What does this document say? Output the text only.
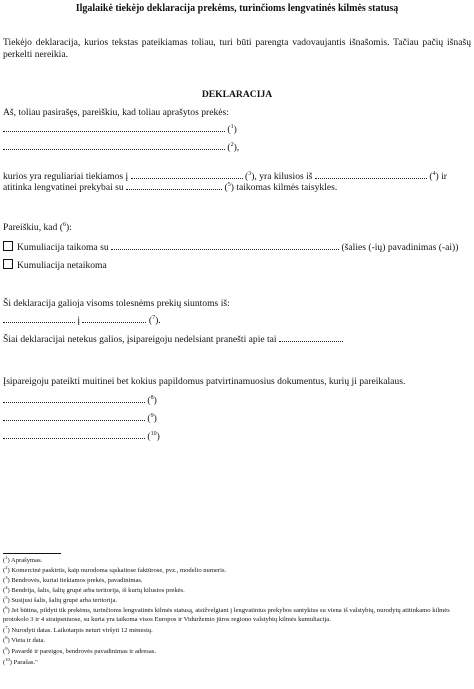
Ilgalaikė tiekėjo deklaracija prekėms, turinčioms lengvatinės kilmės statusą
Tiekėjo deklaracija, kurios tekstas pateikiamas toliau, turi būti parengta vadovaujantis išnašomis. Tačiau pačių išnašų perkelti nereikia.
DEKLARACIJA
Aš, toliau pasirašęs, pareiškiu, kad toliau aprašytos prekės:
($^1$)
($^2$),
kurios yra reguliariai tiekiamos į	($^3$), yra kilusios iš	($^4$) ir
atitinka lengvatinei prekybai su	($^5$) taikomas kilmės taisykles.
Pareiškiu, kad ($^6$):
Kumuliacija taikoma su	(šalies (-ių) pavadinimas (-ai))
Kumuliacija netaikoma
Ši deklaracija galioja visoms tolesnėms prekių siuntoms iš:
į	($^7$).
Šiai deklaracijai netekus galios, įsipareigoju nedelsiant pranešti apie tai
Įsipareigoju pateikti muitinei bet kokius papildomus patvirtinamuosius dokumentus, kurių ji pareikalaus.
($^8$)
($^9$)
($^{10}$)
($^1$) Aprašymas.
($^2$) Komercinė paskirtis, kaip nurodoma sąskaitose faktūrose, pvz., modelio numeris.
($^3$) Bendrovės, kuriai tiekiamos prekės, pavadinimas.
($^4$) Bendrija, šalis, šalių grupė arba teritorija, iš kurių kilusios prekės.
($^5$) Susijusi šalis, šalių grupė arba teritorija.
($^6$) Jei būtina, pildyti tik prekėms, turinčioms lengvatinės kilmės statusą, atsižvelgiant į lengvatinius prekybos santykius su viena iš valstybių, nurodytų atitinkamo kilmės protokolo 3 ir 4 straipsniuose, su kuria yra taikoma visos Europos ir Viduržemio jūros regiono valstybių kilmės kumuliacija.
($^7$) Nurodyti datas. Laikotarpis neturi viršyti 12 mėnesių.
($^8$) Vieta ir data.
($^9$) Pavardė ir pareigos, bendrovės pavadinimas ir adresas.
($^{10}$) Parašas."
